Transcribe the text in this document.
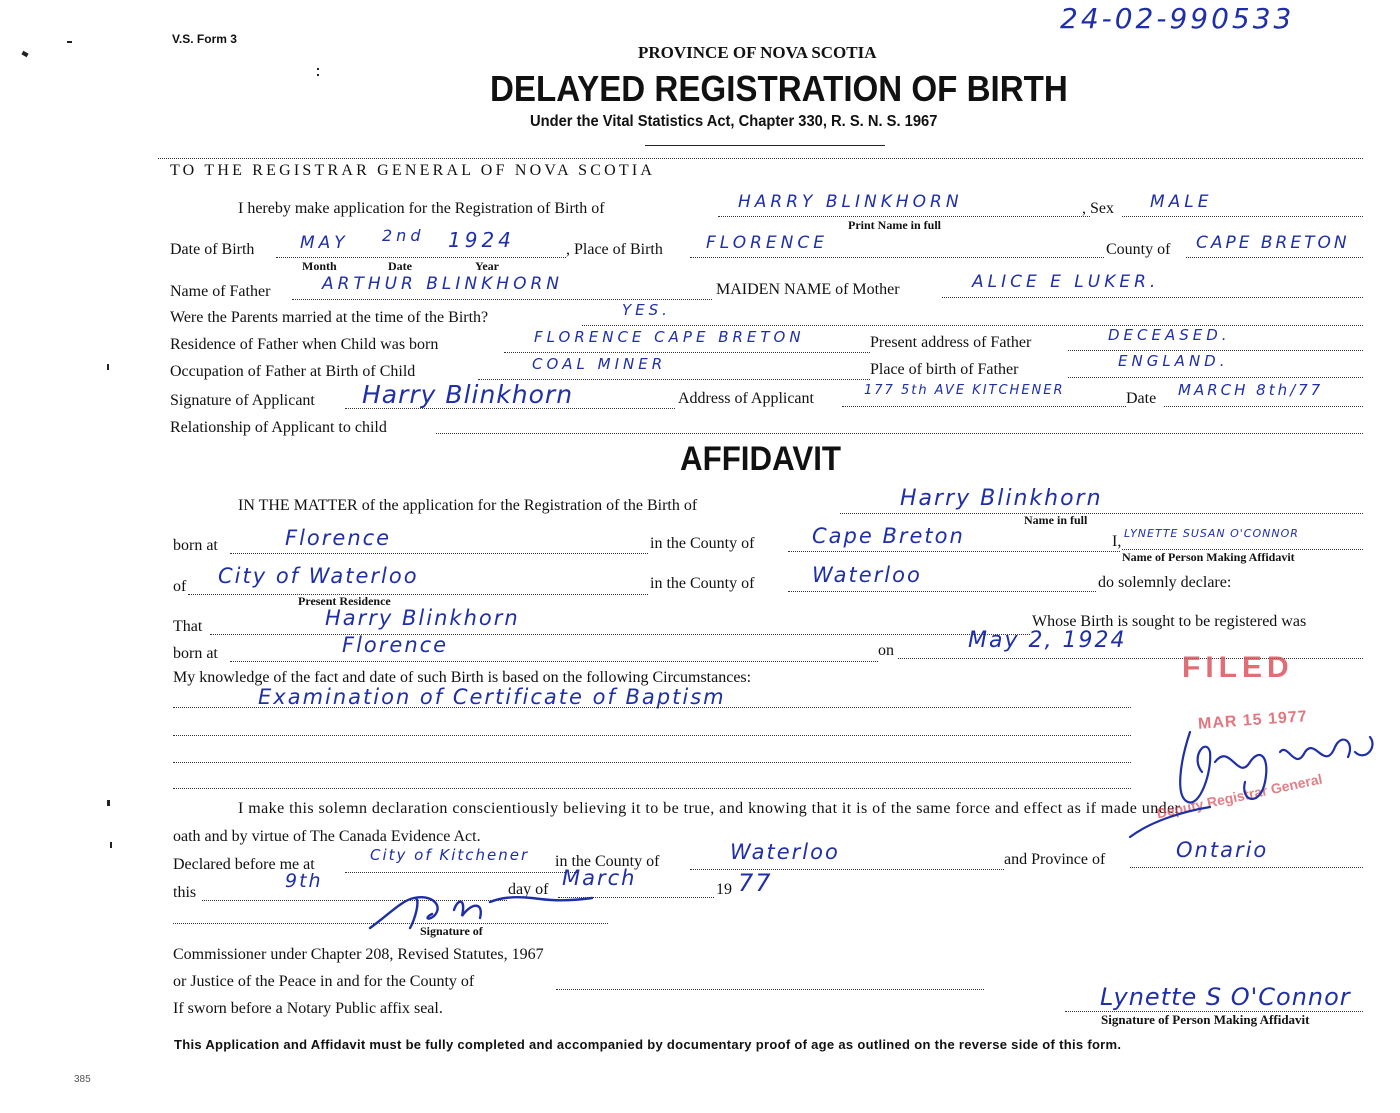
24-02-990533
V.S. Form 3
PROVINCE OF NOVA SCOTIA
DELAYED REGISTRATION OF BIRTH
Under the Vital Statistics Act, Chapter 330, R. S. N. S. 1967
TO THE REGISTRAR GENERAL OF NOVA SCOTIA
I hereby make application for the Registration of Birth of	HARRY BLINKHORN
Print Name in full
, Sex MALE
Date of Birth	MAY 2nd 1924
Month	Date	Year
, Place of Birth	FLORENCE	County of CAPE BRETON
Name of Father	ARTHUR BLINKHORN	MAIDEN NAME of Mother	ALICE E LUKER.
Were the Parents married at the time of the Birth?	YES.
Residence of Father when Child was born	FLORENCE CAPE BRETON	Present address of Father	DECEASED.
Occupation of Father at Birth of Child	COAL MINER	Place of birth of Father	ENGLAND.
Signature of Applicant Harry Blinkhorn	Address of Applicant	177 5th AVE KITCHENER	Date MARCH 8th/77
Relationship of Applicant to child
AFFIDAVIT
IN THE MATTER of the application for the Registration of the Birth of	Harry Blinkhorn
Name in full
born at	Florence	in the County of	Cape Breton	I, LYNETTE SUSAN O'CONNOR
Name of Person Making Affidavit
of City of Waterloo
Present Residence
in the County of	Waterloo	do solemnly declare:
That	Harry Blinkhorn	Whose Birth is sought to be registered was
born at	Florence	on	May 2, 1924
My knowledge of the fact and date of such Birth is based on the following Circumstances:
Examination of Certificate of Baptism
I make this solemn declaration conscientiously believing it to be true, and knowing that it is of the same force and effect as if made under
oath and by virtue of The Canada Evidence Act.
Declared before me at
City of Kitchener in the County of	Waterloo	and Province of	Ontario
this
9th	day of March	19 77
Signature of
Commissioner under Chapter 208, Revised Statutes, 1967
or Justice of the Peace in and for the County of
If sworn before a Notary Public affix seal.	Lynette S O'Connor
Signature of Person Making Affidavit
FILED
MAR 15 1977
Deputy Registrar General
This Application and Affidavit must be fully completed and accompanied by documentary proof of age as outlined on the reverse side of this form.
385
